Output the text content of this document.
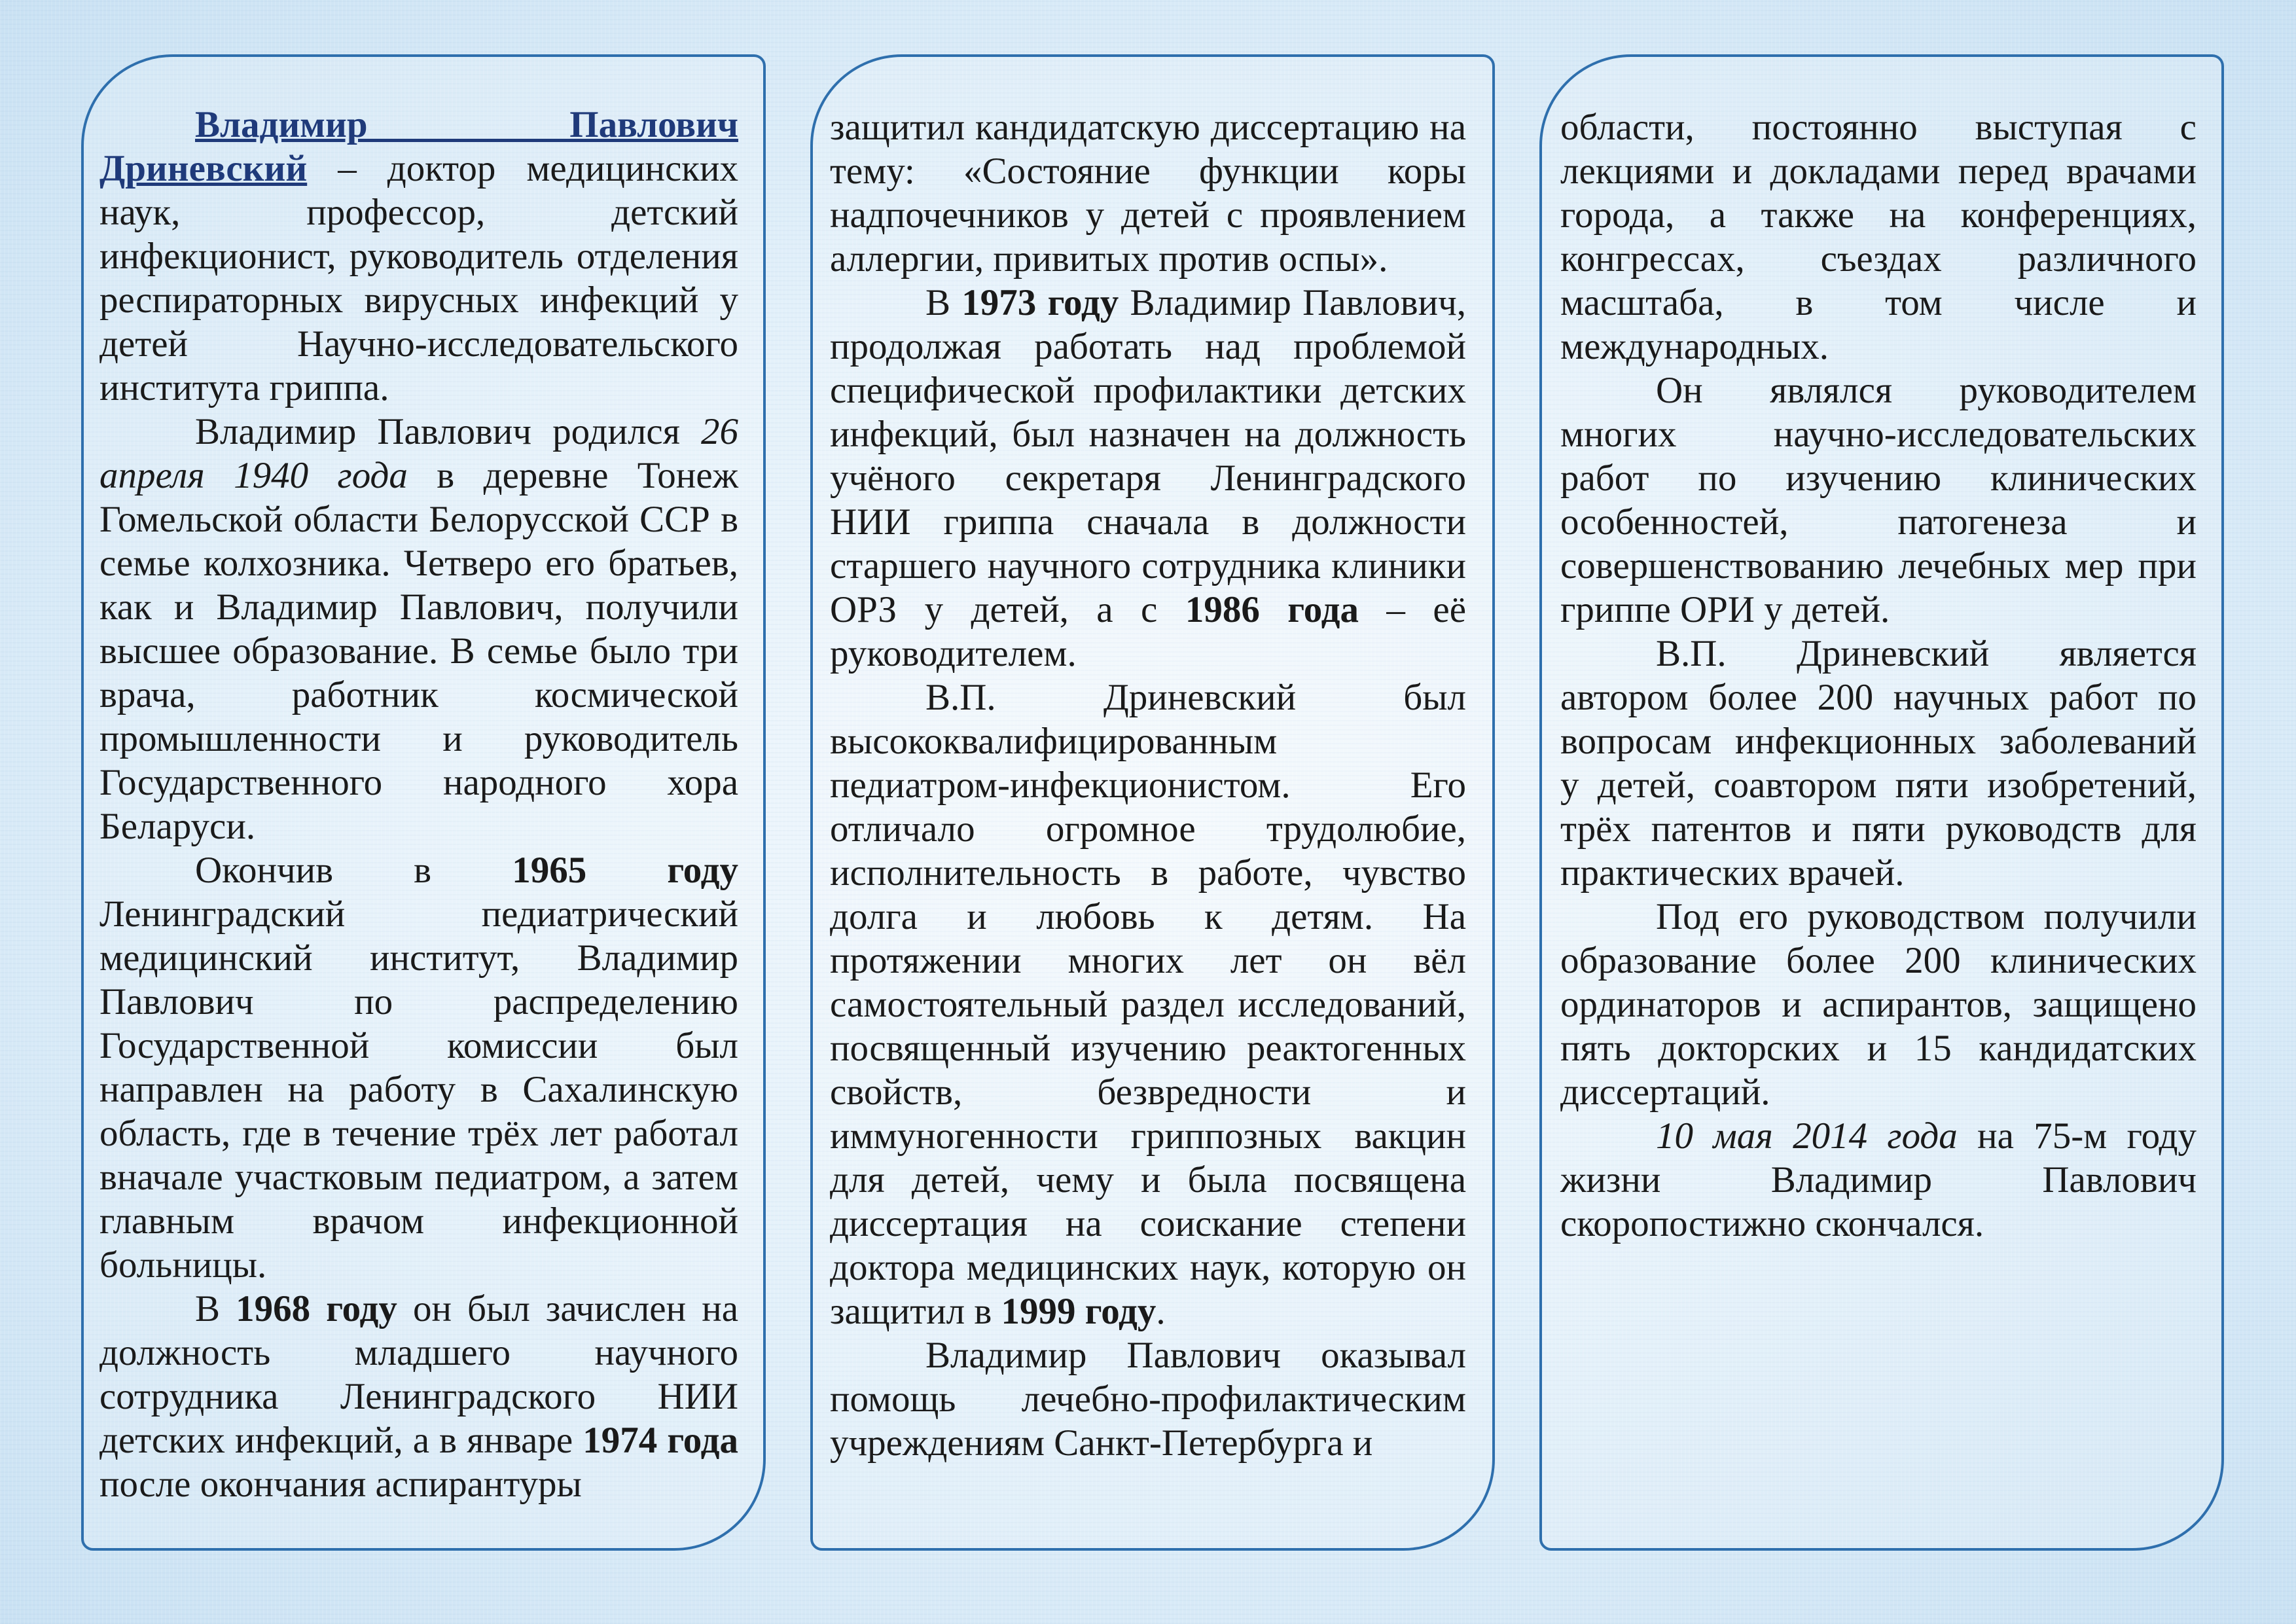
Владимир Павлович Дриневский – доктор медицинских наук, профессор, детский инфекционист, руководитель отделения респираторных вирусных инфекций у детей Научно-исследовательского института гриппа.

Владимир Павлович родился 26 апреля 1940 года в деревне Тонеж Гомельской области Белорусской ССР в семье колхозника. Четверо его братьев, как и Владимир Павлович, получили высшее образование. В семье было три врача, работник космической промышленности и руководитель Государственного народного хора Беларуси.

Окончив в 1965 году Ленинградский педиатрический медицинский институт, Владимир Павлович по распределению Государственной комиссии был направлен на работу в Сахалинскую область, где в течение трёх лет работал вначале участковым педиатром, а затем главным врачом инфекционной больницы.

В 1968 году он был зачислен на должность младшего научного сотрудника Ленинградского НИИ детских инфекций, а в январе 1974 года после окончания аспирантуры

защитил кандидатскую диссертацию на тему: «Состояние функции коры надпочечников у детей с проявлением аллергии, привитых против оспы».

В 1973 году Владимир Павлович, продолжая работать над проблемой специфической профилактики детских инфекций, был назначен на должность учёного секретаря Ленинградского НИИ гриппа сначала в должности старшего научного сотрудника клиники ОРЗ у детей, а с 1986 года – её руководителем.

В.П. Дриневский был высококвалифицированным педиатром-инфекционистом. Его отличало огромное трудолюбие, исполнительность в работе, чувство долга и любовь к детям. На протяжении многих лет он вёл самостоятельный раздел исследований, посвященный изучению реактогенных свойств, безвредности и иммуногенности гриппозных вакцин для детей, чему и была посвящена диссертация на соискание степени доктора медицинских наук, которую он защитил в 1999 году.

Владимир Павлович оказывал помощь лечебно-профилактическим учреждениям Санкт-Петербурга и

области, постоянно выступая с лекциями и докладами перед врачами города, а также на конференциях, конгрессах, съездах различного масштаба, в том числе и международных.

Он являлся руководителем многих научно-исследовательских работ по изучению клинических особенностей, патогенеза и совершенствованию лечебных мер при гриппе ОРИ у детей.

В.П. Дриневский является автором более 200 научных работ по вопросам инфекционных заболеваний у детей, соавтором пяти изобретений, трёх патентов и пяти руководств для практических врачей.

Под его руководством получили образование более 200 клинических ординаторов и аспирантов, защищено пять докторских и 15 кандидатских диссертаций.

10 мая 2014 года на 75-м году жизни Владимир Павлович скоропостижно скончался.
